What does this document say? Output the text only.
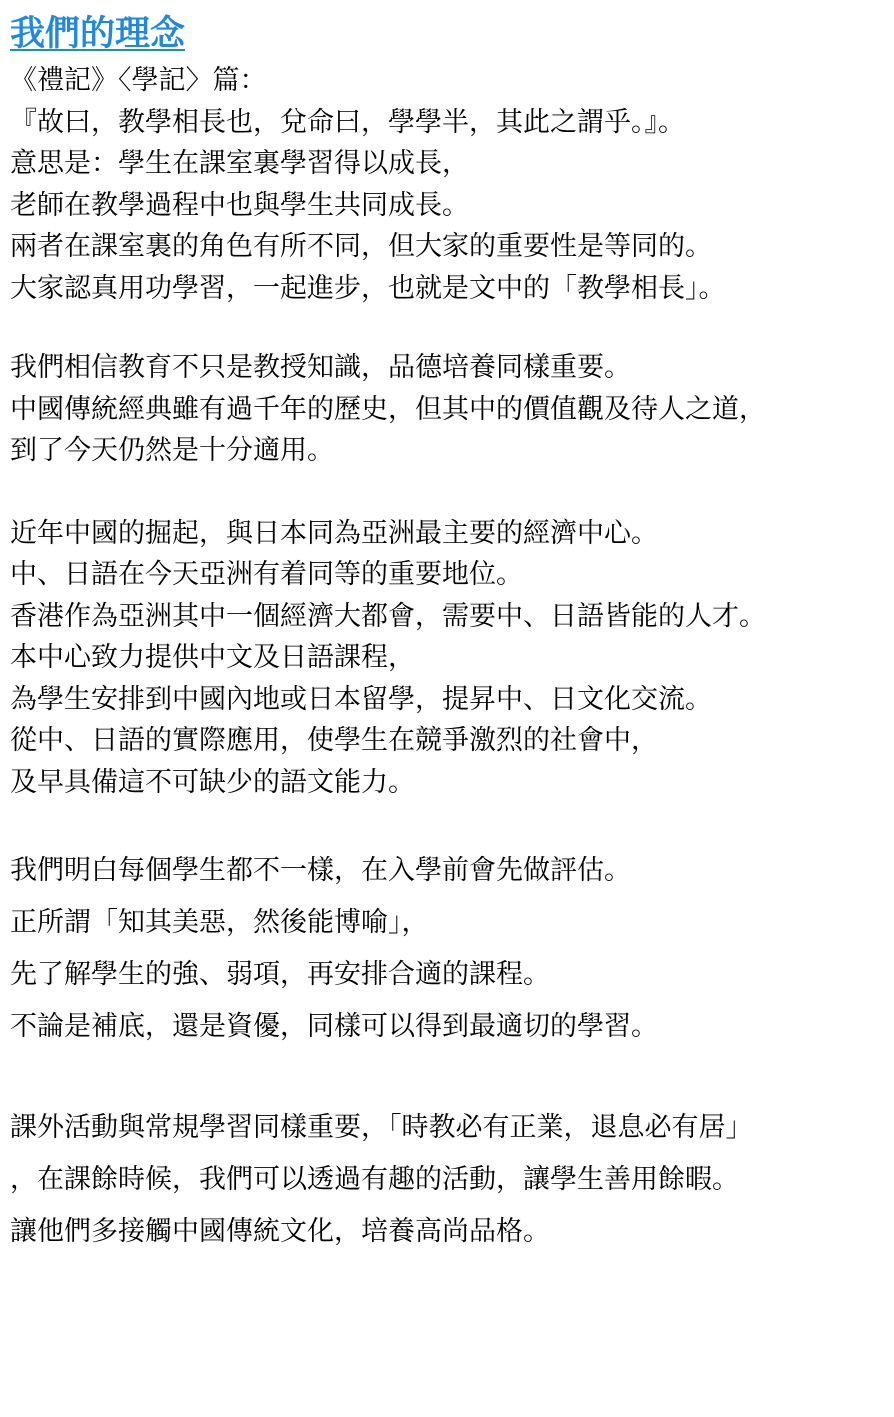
我們的理念

《禮記》〈學記〉篇：

『故曰，教學相長也，兌命曰，學學半，其此之謂乎。』。

意思是：學生在課室裏學習得以成長，

老師在教學過程中也與學生共同成長。

兩者在課室裏的角色有所不同，但大家的重要性是等同的。

大家認真用功學習，一起進步，也就是文中的「教學相長」。

我們相信教育不只是教授知識，品德培養同樣重要。

中國傳統經典雖有過千年的歷史，但其中的價值觀及待人之道，

到了今天仍然是十分適用。

近年中國的掘起，與日本同為亞洲最主要的經濟中心。

中、日語在今天亞洲有着同等的重要地位。

香港作為亞洲其中一個經濟大都會，需要中、日語皆能的人才。

本中心致力提供中文及日語課程，

為學生安排到中國內地或日本留學，提昇中、日文化交流。

從中、日語的實際應用，使學生在競爭激烈的社會中，

及早具備這不可缺少的語文能力。

我們明白每個學生都不一樣，在入學前會先做評估。

正所謂「知其美惡，然後能博喻」，

先了解學生的強、弱項，再安排合適的課程。

不論是補底，還是資優，同樣可以得到最適切的學習。

課外活動與常規學習同樣重要，「時教必有正業，退息必有居」

，在課餘時候，我們可以透過有趣的活動，讓學生善用餘暇。

讓他們多接觸中國傳統文化，培養高尚品格。
